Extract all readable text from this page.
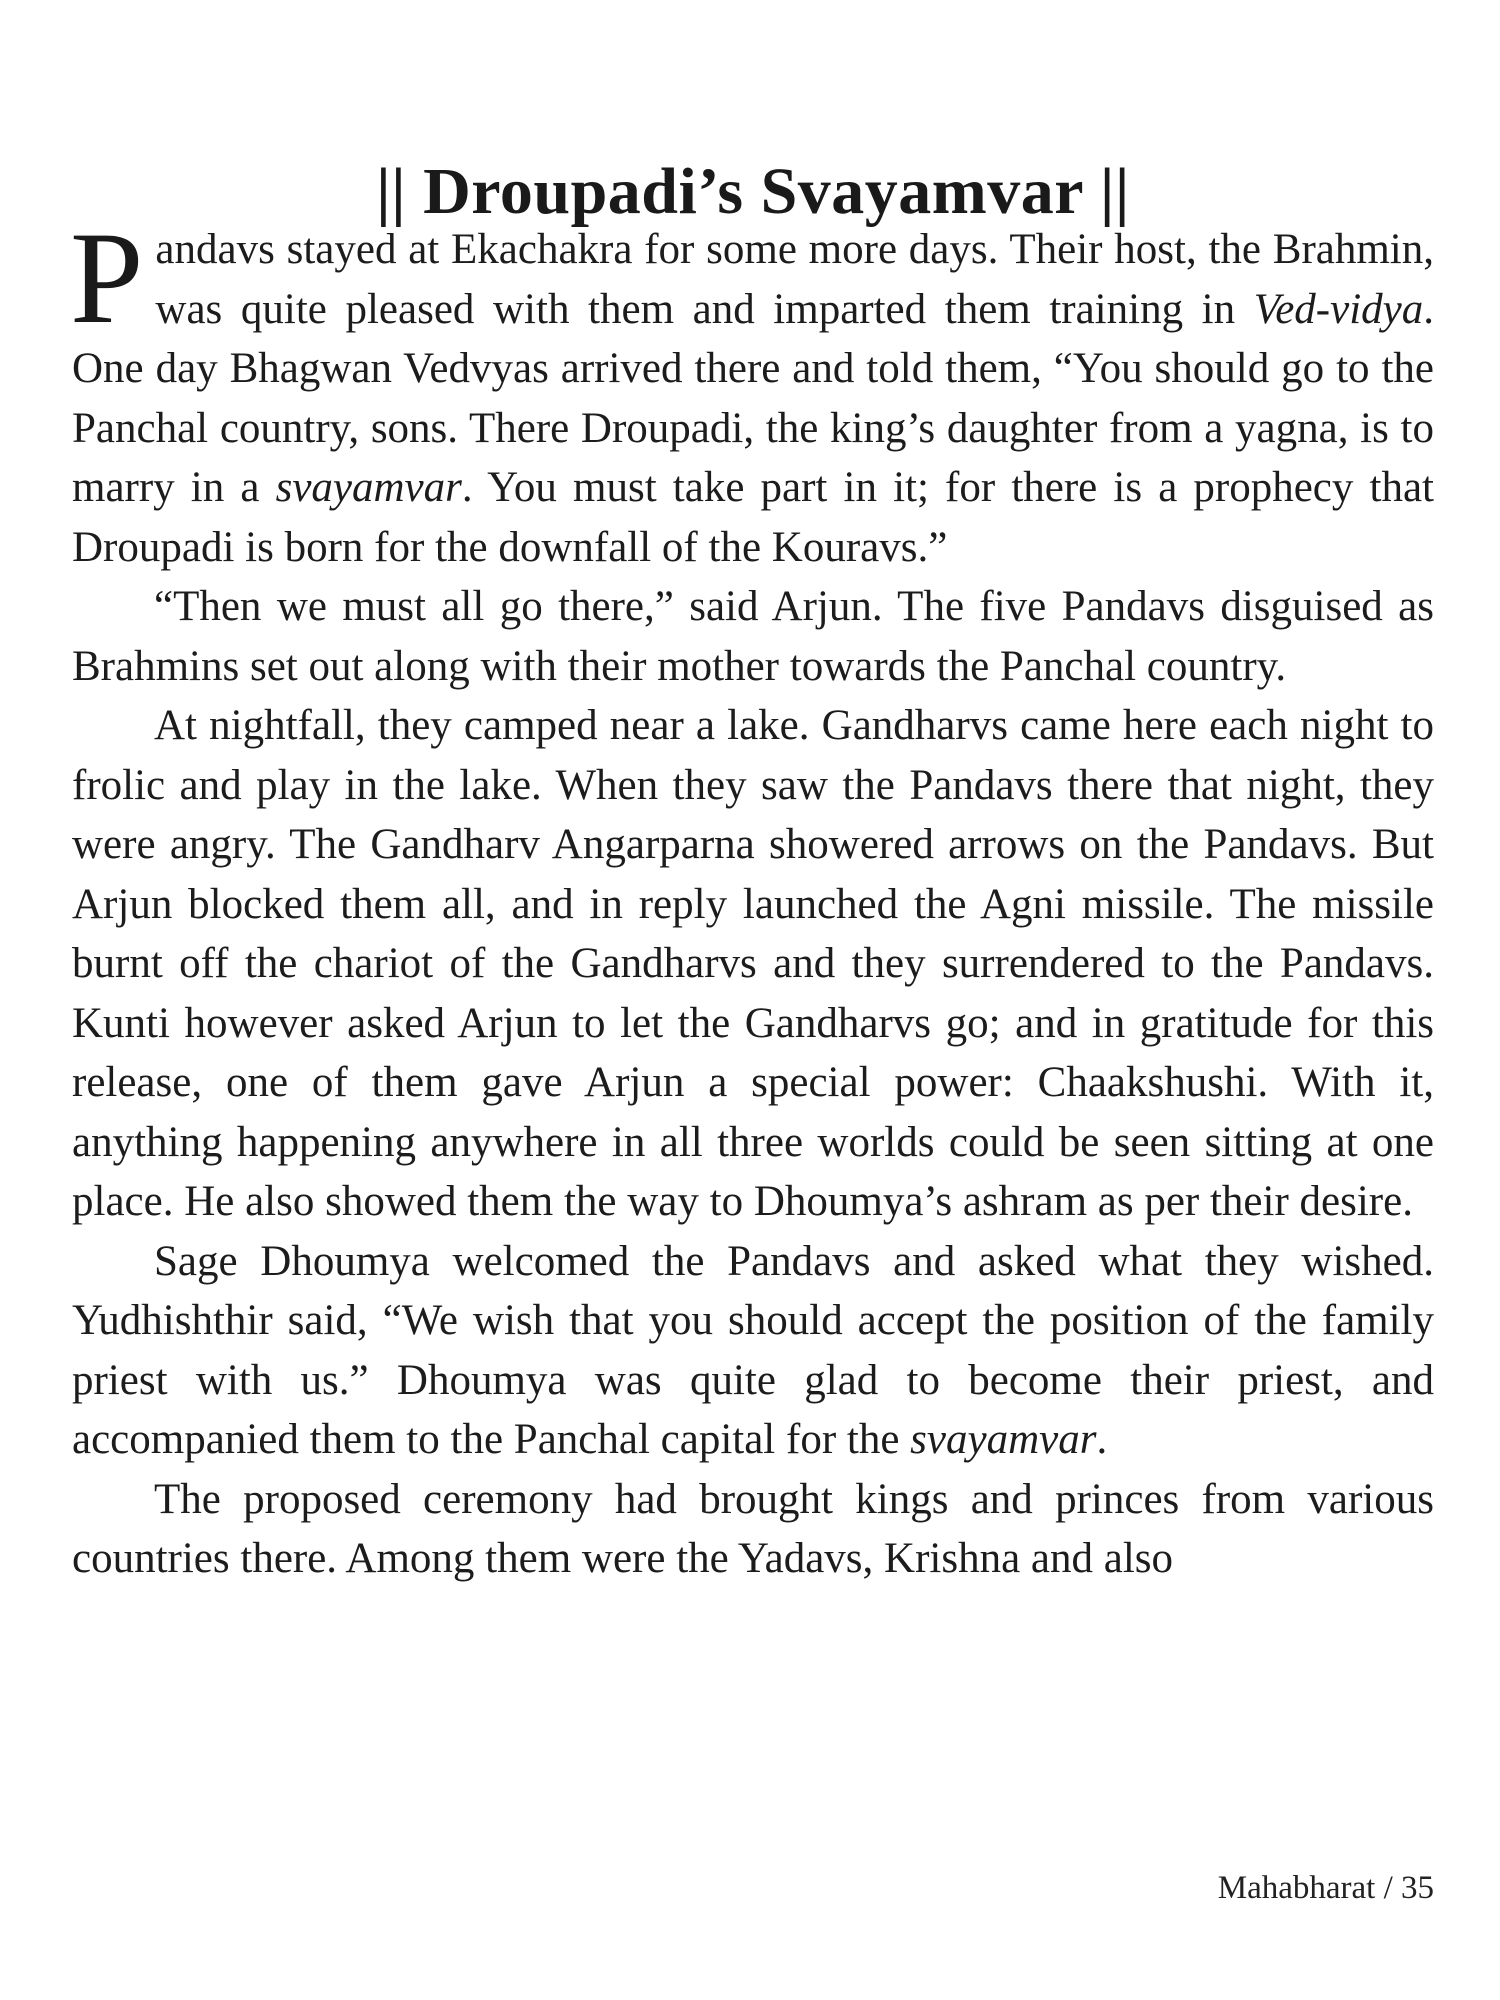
|| Droupadi’s Svayamvar ||

Pandavs stayed at Ekachakra for some more days. Their host, the Brahmin, was quite pleased with them and imparted them training in Ved-vidya. One day Bhagwan Vedvyas arrived there and told them, “You should go to the Panchal country, sons. There Droupadi, the king’s daughter from a yagna, is to marry in a svayamvar. You must take part in it; for there is a prophecy that Droupadi is born for the downfall of the Kouravs.”

“Then we must all go there,” said Arjun. The five Pandavs disguised as Brahmins set out along with their mother towards the Panchal country.

At nightfall, they camped near a lake. Gandharvs came here each night to frolic and play in the lake. When they saw the Pandavs there that night, they were angry. The Gandharv Angarparna showered arrows on the Pandavs. But Arjun blocked them all, and in reply launched the Agni missile. The missile burnt off the chariot of the Gandharvs and they surrendered to the Pandavs. Kunti however asked Arjun to let the Gandharvs go; and in gratitude for this release, one of them gave Arjun a special power: Chaakshushi. With it, anything happening anywhere in all three worlds could be seen sitting at one place. He also showed them the way to Dhoumya’s ashram as per their desire.

Sage Dhoumya welcomed the Pandavs and asked what they wished. Yudhishthir said, “We wish that you should accept the position of the family priest with us.” Dhoumya was quite glad to become their priest, and accompanied them to the Panchal capital for the svayamvar.

The proposed ceremony had brought kings and princes from various countries there. Among them were the Yadavs, Krishna and also

Mahabharat / 35
